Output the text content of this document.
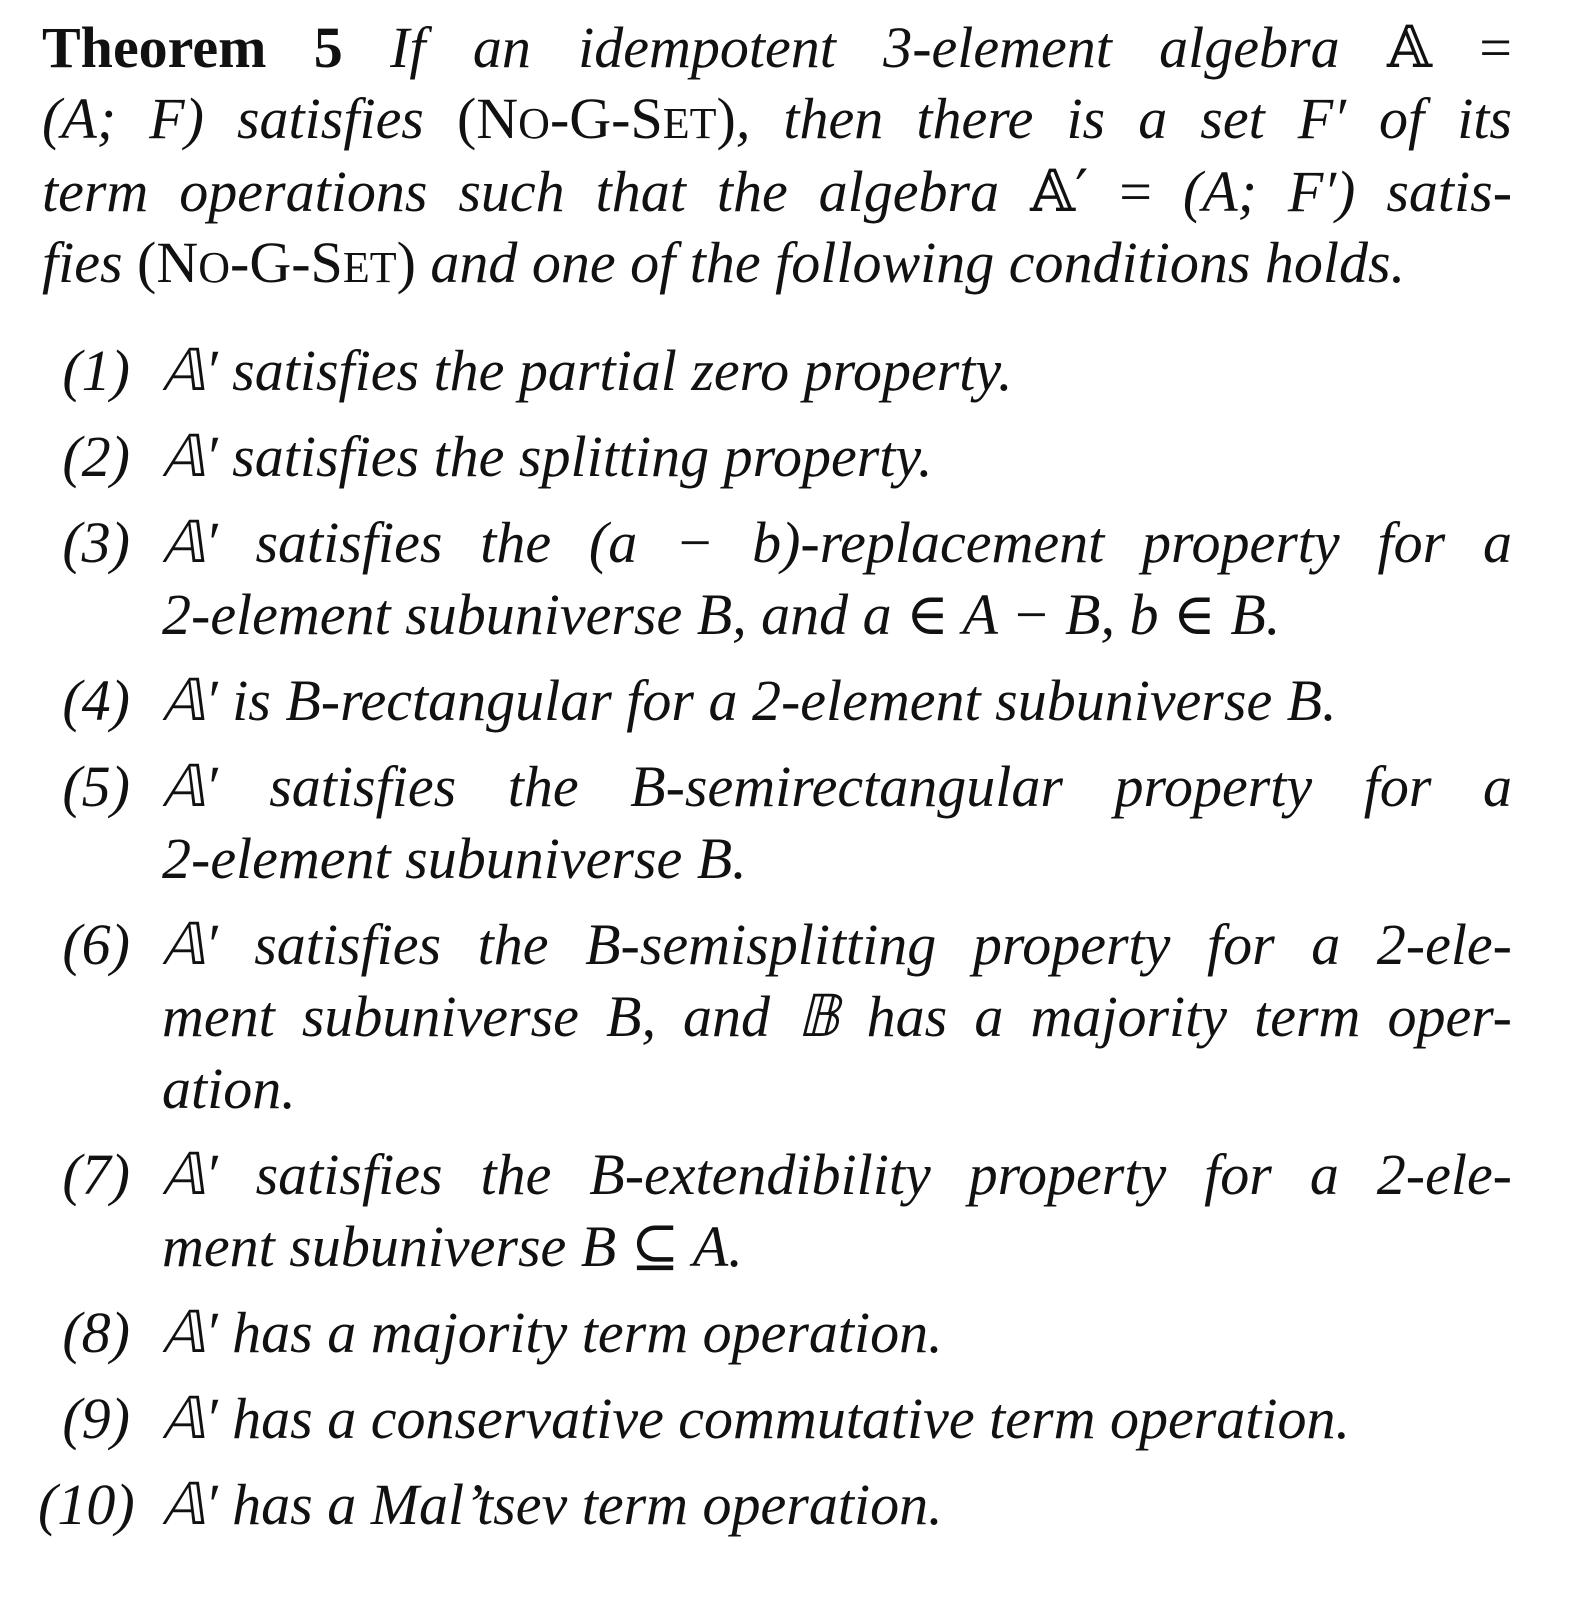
Theorem 5 If an idempotent 3-element algebra 𝔸 =
(A; F) satisfies (NO-G-SET), then there is a set F′ of its
term operations such that the algebra 𝔸′ = (A; F′) satis-
fies (NO-G-SET) and one of the following conditions holds.
(1) 𝔸′ satisfies the partial zero property.
(2) 𝔸′ satisfies the splitting property.
(3) 𝔸′ satisfies the (a − b)-replacement property for a
2-element subuniverse B, and a ∈ A − B, b ∈ B.
(4) 𝔸′ is B-rectangular for a 2-element subuniverse B.
(5) 𝔸′ satisfies the B-semirectangular property for a
2-element subuniverse B.
(6) 𝔸′ satisfies the B-semisplitting property for a 2-ele-
ment subuniverse B, and 𝔹 has a majority term oper-
ation.
(7) 𝔸′ satisfies the B-extendibility property for a 2-ele-
ment subuniverse B ⊆ A.
(8) 𝔸′ has a majority term operation.
(9) 𝔸′ has a conservative commutative term operation.
(10) 𝔸′ has a Mal’tsev term operation.
